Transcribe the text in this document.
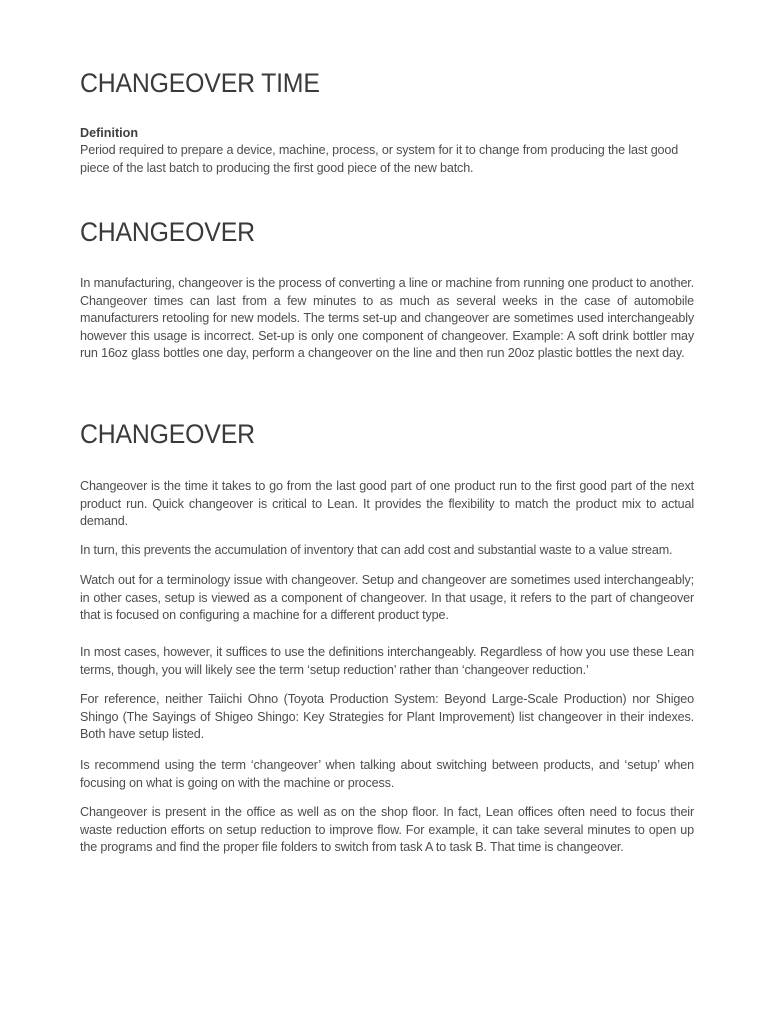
CHANGEOVER TIME

Definition

Period required to prepare a device, machine, process, or system for it to change from producing the last good piece of the last batch to producing the first good piece of the new batch.

CHANGEOVER

In manufacturing, changeover is the process of converting a line or machine from running one product to another. Changeover times can last from a few minutes to as much as several weeks in the case of automobile manufacturers retooling for new models. The terms set-up and changeover are sometimes used interchangeably however this usage is incorrect. Set-up is only one component of changeover. Example: A soft drink bottler may run 16oz glass bottles one day, perform a changeover on the line and then run 20oz plastic bottles the next day.

CHANGEOVER

Changeover is the time it takes to go from the last good part of one product run to the first good part of the next product run. Quick changeover is critical to Lean. It provides the flexibility to match the product mix to actual demand.

In turn, this prevents the accumulation of inventory that can add cost and substantial waste to a value stream.

Watch out for a terminology issue with changeover. Setup and changeover are sometimes used interchangeably; in other cases, setup is viewed as a component of changeover. In that usage, it refers to the part of changeover that is focused on configuring a machine for a different product type.

In most cases, however, it suffices to use the definitions interchangeably. Regardless of how you use these Lean terms, though, you will likely see the term ‘setup reduction’ rather than ‘changeover reduction.’

For reference, neither Taiichi Ohno (Toyota Production System: Beyond Large-Scale Production) nor Shigeo Shingo (The Sayings of Shigeo Shingo: Key Strategies for Plant Improvement) list changeover in their indexes. Both have setup listed.

Is recommend using the term ‘changeover’ when talking about switching between products, and ‘setup’ when focusing on what is going on with the machine or process.

Changeover is present in the office as well as on the shop floor. In fact, Lean offices often need to focus their waste reduction efforts on setup reduction to improve flow. For example, it can take several minutes to open up the programs and find the proper file folders to switch from task A to task B. That time is changeover.
